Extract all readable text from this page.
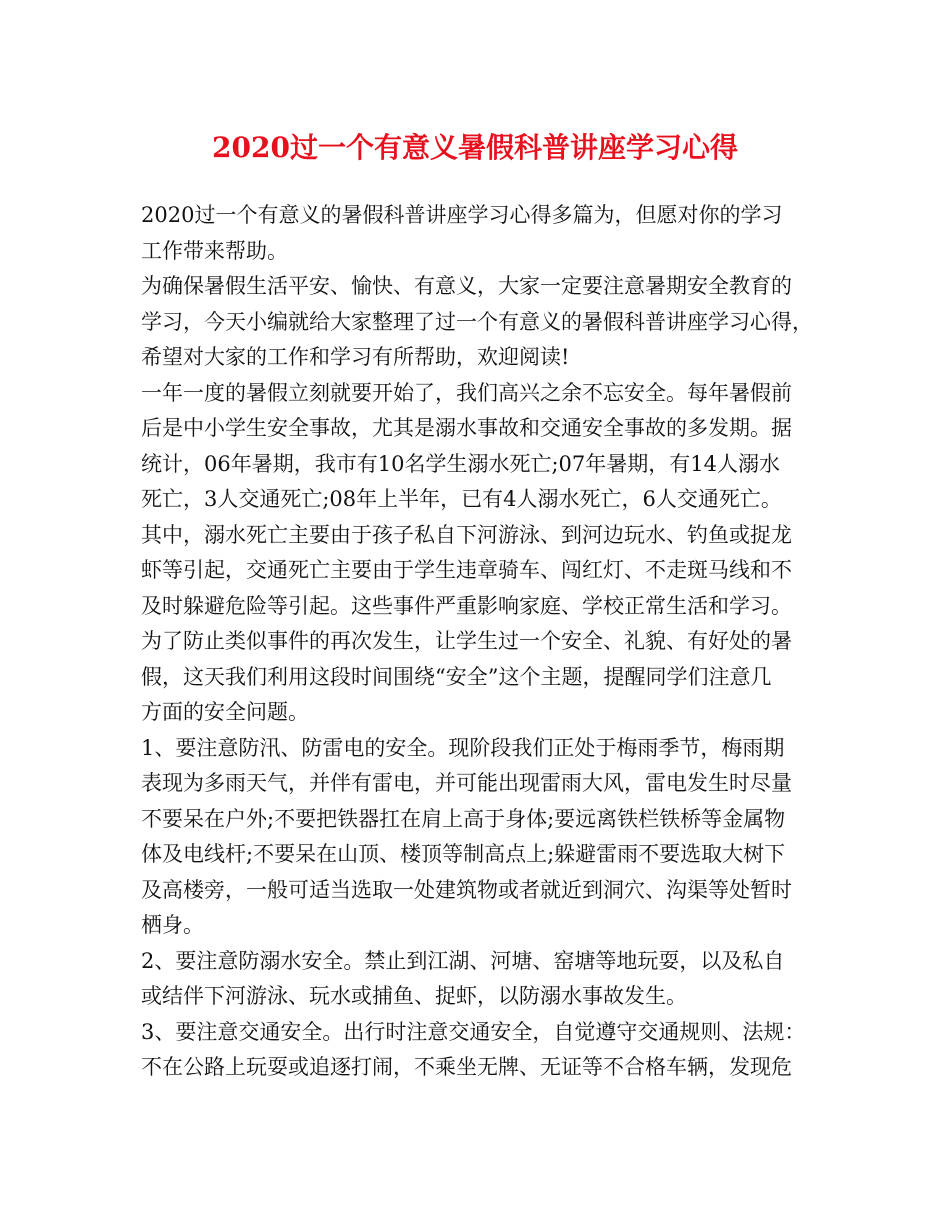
2020过一个有意义暑假科普讲座学习心得

2020过一个有意义的暑假科普讲座学习心得多篇为，但愿对你的学习
工作带来帮助。

为确保暑假生活平安、愉快、有意义，大家一定要注意暑期安全教育的
学习，今天小编就给大家整理了过一个有意义的暑假科普讲座学习心得，
希望对大家的工作和学习有所帮助，欢迎阅读!

一年一度的暑假立刻就要开始了，我们高兴之余不忘安全。每年暑假前
后是中小学生安全事故，尤其是溺水事故和交通安全事故的多发期。据
统计，06年暑期，我市有10名学生溺水死亡;07年暑期，有14人溺水
死亡，3人交通死亡;08年上半年，已有4人溺水死亡，6人交通死亡。
其中，溺水死亡主要由于孩子私自下河游泳、到河边玩水、钓鱼或捉龙
虾等引起，交通死亡主要由于学生违章骑车、闯红灯、不走斑马线和不
及时躲避危险等引起。这些事件严重影响家庭、学校正常生活和学习。

为了防止类似事件的再次发生，让学生过一个安全、礼貌、有好处的暑
假，这天我们利用这段时间围绕“安全”这个主题，提醒同学们注意几
方面的安全问题。

1、要注意防汛、防雷电的安全。现阶段我们正处于梅雨季节，梅雨期
表现为多雨天气，并伴有雷电，并可能出现雷雨大风，雷电发生时尽量
不要呆在户外;不要把铁器扛在肩上高于身体;要远离铁栏铁桥等金属物
体及电线杆;不要呆在山顶、楼顶等制高点上;躲避雷雨不要选取大树下
及高楼旁，一般可适当选取一处建筑物或者就近到洞穴、沟渠等处暂时
栖身。

2、要注意防溺水安全。禁止到江湖、河塘、窑塘等地玩耍，以及私自
或结伴下河游泳、玩水或捕鱼、捉虾，以防溺水事故发生。

3、要注意交通安全。出行时注意交通安全，自觉遵守交通规则、法规：
不在公路上玩耍或追逐打闹，不乘坐无牌、无证等不合格车辆，发现危
